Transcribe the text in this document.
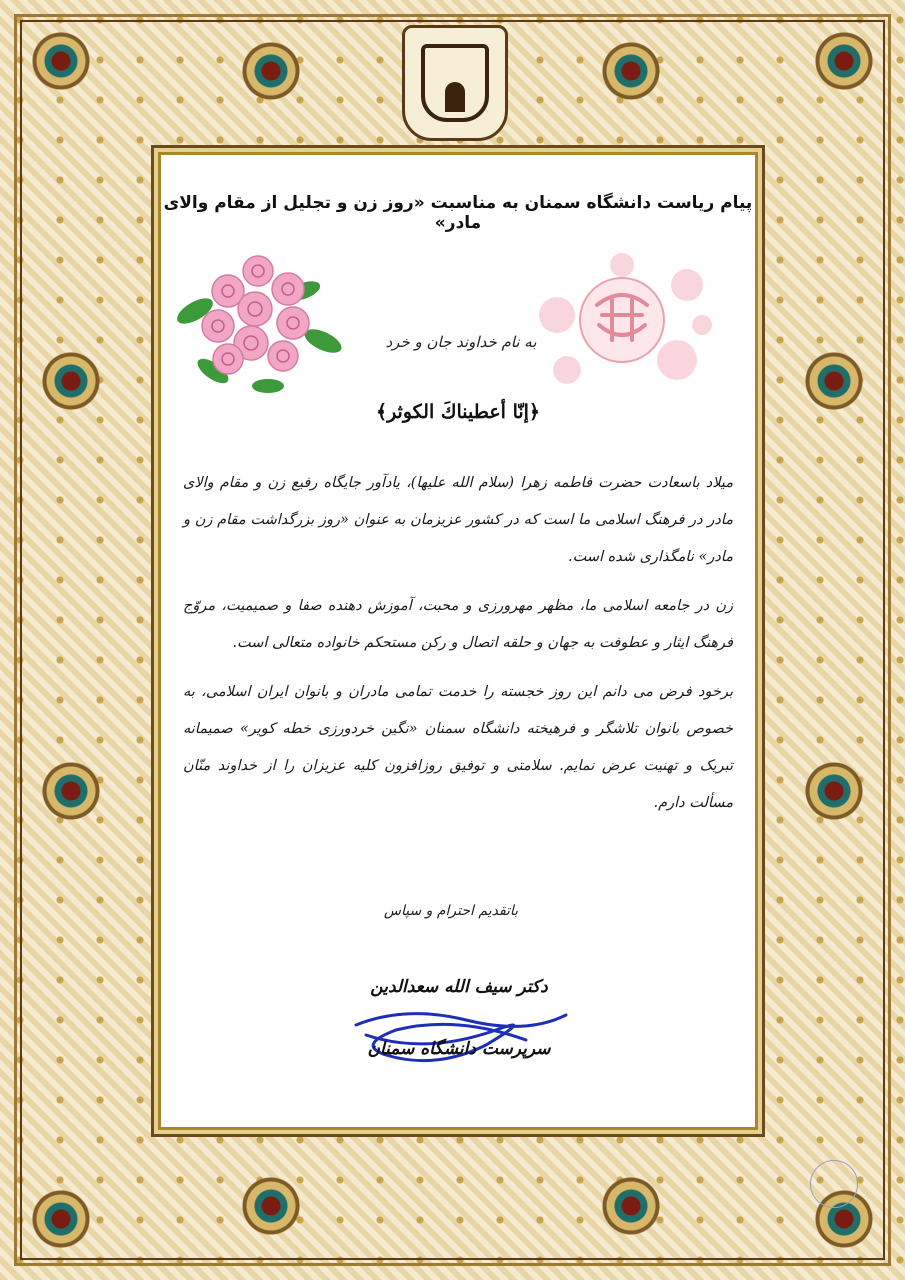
پیام ریاست دانشگاه سمنان به مناسبت «روز زن و تجلیل از مقام والای مادر»
به نام خداوند جان و خرد
﴿إنّا أعطيناكَ الكوثر﴾

میلاد باسعادت حضرت فاطمه زهرا (سلام الله علیها)، یادآور جایگاه رفیع زن و مقام والای مادر در فرهنگ اسلامی ما است که در کشور عزیزمان به عنوان «روز بزرگداشت مقام زن و مادر» نامگذاری شده است.

زن در جامعه اسلامی ما، مظهر مهرورزی و محبت، آموزش دهنده صفا و صمیمیت، مروّج فرهنگ ایثار و عطوفت به جهان و حلقه اتصال و رکن مستحکم خانواده متعالی است.

برخود فرض می دانم این روز خجسته را خدمت تمامی مادران و بانوان ایران اسلامی، به خصوص بانوان تلاشگر و فرهیخته دانشگاه سمنان «نگین خردورزی خطه کویر» صمیمانه تبریک و تهنیت عرض نمایم. سلامتی و توفیق روزافزون کلیه عزیزان را از خداوند منّان مسألت دارم.

باتقدیم احترام و سپاس
دکتر سیف الله سعدالدین
سرپرست دانشگاه سمنان
